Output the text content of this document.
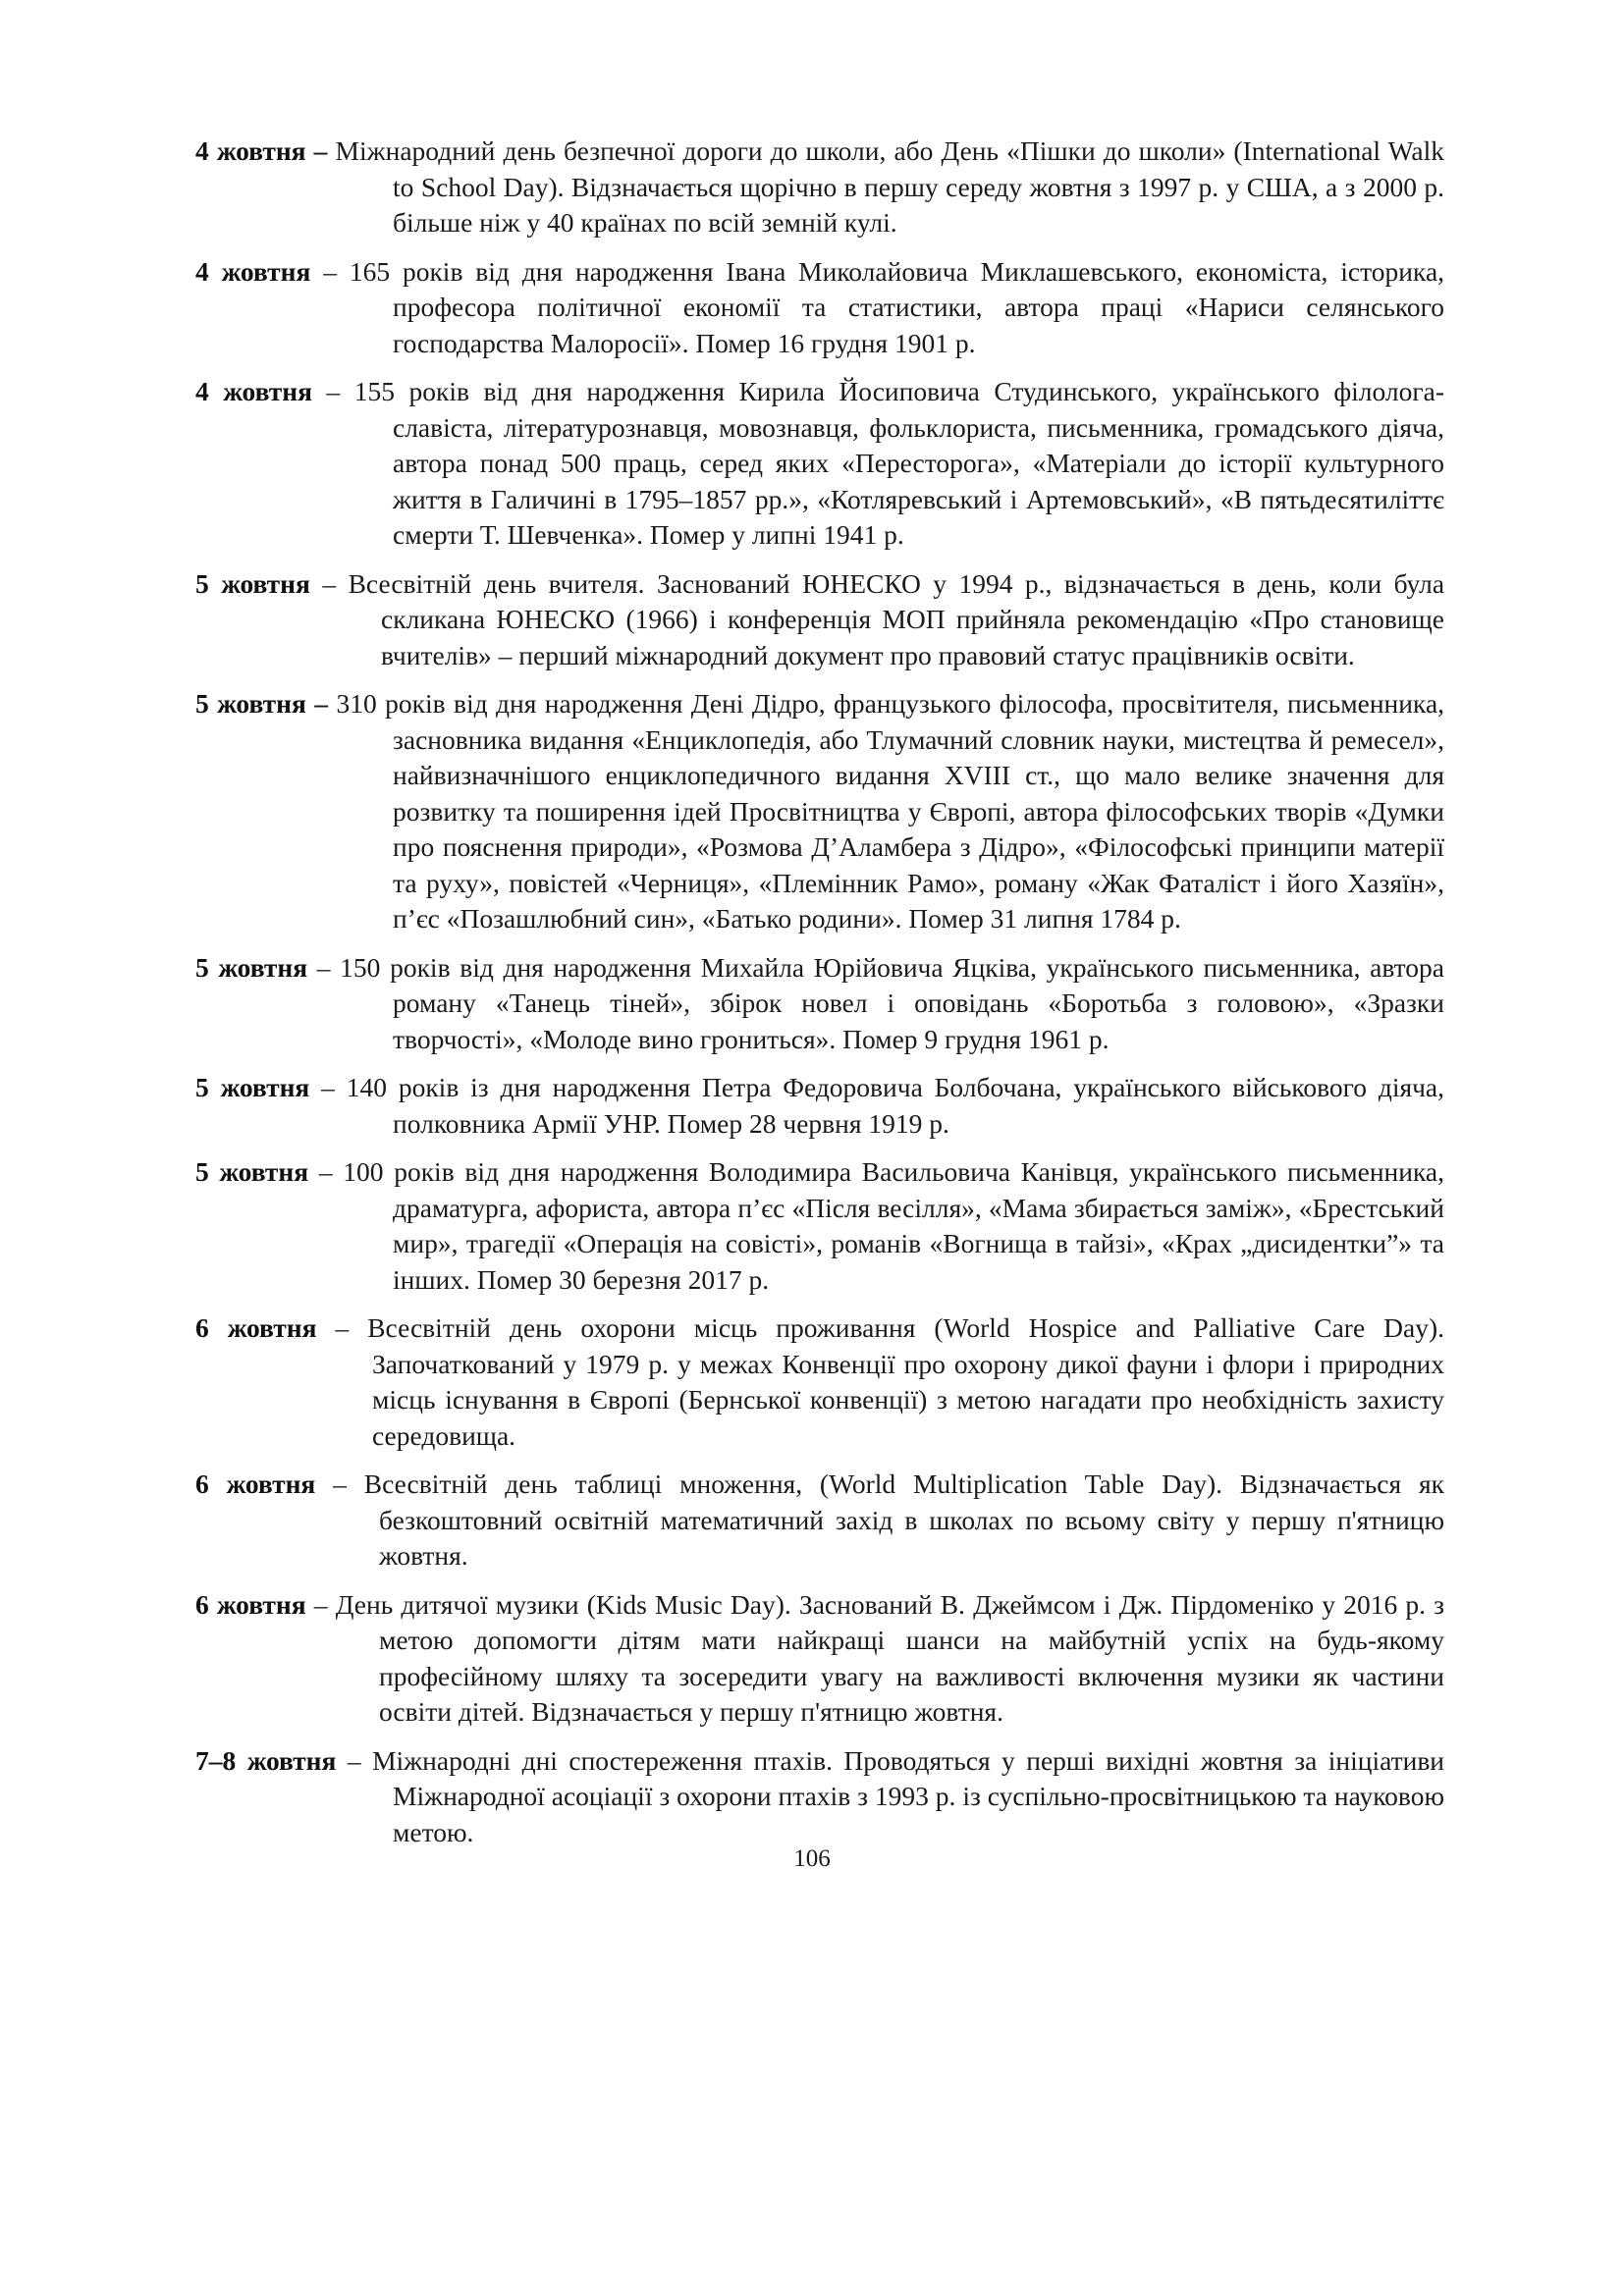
4 жовтня – Міжнародний день безпечної дороги до школи, або День «Пішки до школи» (International Walk to School Day). Відзначається щорічно в першу середу жовтня з 1997 р. у США, а з 2000 р. більше ніж у 40 країнах по всій земній кулі.

4 жовтня – 165 років від дня народження Івана Миколайовича Миклашевського, економіста, історика, професора політичної економії та статистики, автора праці «Нариси селянського господарства Малоросії». Помер 16 грудня 1901 р.

4 жовтня – 155 років від дня народження Кирила Йосиповича Студинського, українського філолога-славіста, літературознавця, мовознавця, фольклориста, письменника, громадського діяча, автора понад 500 праць, серед яких «Пересторога», «Матеріали до історії культурного життя в Галичині в 1795–1857 рр.», «Котляревський і Артемовський», «В пятьдесятиліттє смерти Т. Шевченка». Помер у липні 1941 р.

5 жовтня – Всесвітній день вчителя. Заснований ЮНЕСКО у 1994 р., відзначається в день, коли була скликана ЮНЕСКО (1966) і конференція МОП прийняла рекомендацію «Про становище вчителів» – перший міжнародний документ про правовий статус працівників освіти.

5 жовтня – 310 років від дня народження Дені Дідро, французького філософа, просвітителя, письменника, засновника видання «Енциклопедія, або Тлумачний словник науки, мистецтва й ремесел», найвизначнішого енциклопедичного видання XVIII ст., що мало велике значення для розвитку та поширення ідей Просвітництва у Європі, автора філософських творів «Думки про пояснення природи», «Розмова Д’Аламбера з Дідро», «Філософські принципи матерії та руху», повістей «Черниця», «Племінник Рамо», роману «Жак Фаталіст і його Хазяїн», п’єс «Позашлюбний син», «Батько родини». Помер 31 липня 1784 р.

5 жовтня – 150 років від дня народження Михайла Юрійовича Яцківа, українського письменника, автора роману «Танець тіней», збірок новел і оповідань «Боротьба з головою», «Зразки творчості», «Молоде вино грониться». Помер 9 грудня 1961 р.

5 жовтня – 140 років із дня народження Петра Федоровича Болбочана, українського військового діяча, полковника Армії УНР. Помер 28 червня 1919 р.

5 жовтня – 100 років від дня народження Володимира Васильовича Канівця, українського письменника, драматурга, афориста, автора п’єс «Після весілля», «Мама збирається заміж», «Брестський мир», трагедії «Операція на совісті», романів «Вогнища в тайзі», «Крах „дисидентки”» та інших. Помер 30 березня 2017 р.

6 жовтня – Всесвітній день охорони місць проживання (World Hospice and Palliative Care Day). Започаткований у 1979 р. у межах Конвенції про охорону дикої фауни і флори і природних місць існування в Європі (Бернської конвенції) з метою нагадати про необхідність захисту середовища.

6 жовтня – Всесвітній день таблиці множення, (World Multiplication Table Day). Відзначається як безкоштовний освітній математичний захід в школах по всьому світу у першу п'ятницю жовтня.

6 жовтня – День дитячої музики (Kids Music Day). Заснований В. Джеймсом і Дж. Пірдоменіко у 2016 р. з метою допомогти дітям мати найкращі шанси на майбутній успіх на будь-якому професійному шляху та зосередити увагу на важливості включення музики як частини освіти дітей. Відзначається у першу п'ятницю жовтня.

7–8 жовтня – Міжнародні дні спостереження птахів. Проводяться у перші вихідні жовтня за ініціативи Міжнародної асоціації з охорони птахів з 1993 р. із суспільно-просвітницькою та науковою метою.

106
